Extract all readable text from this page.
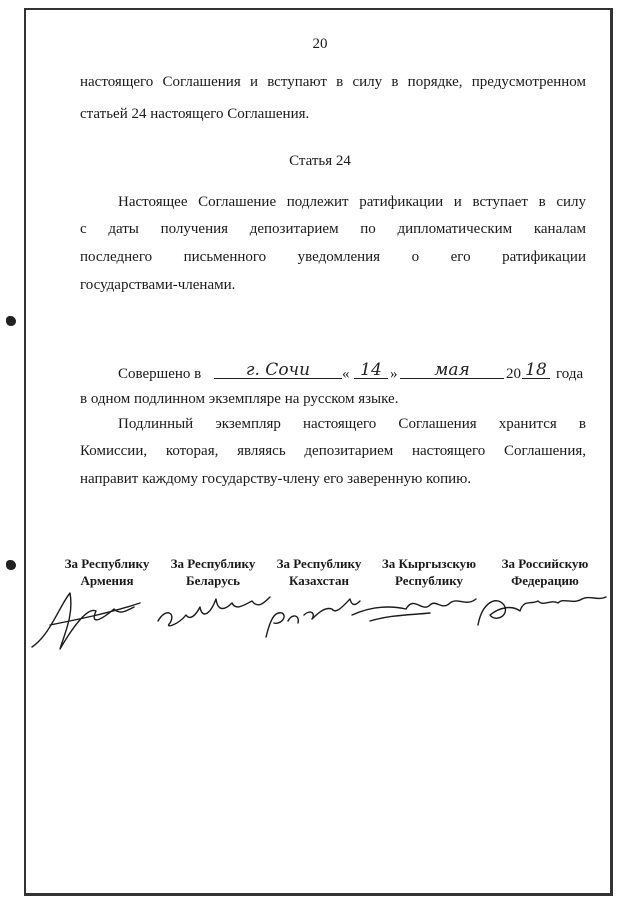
20
настоящего Соглашения и вступают в силу в порядке, предусмотренном
статьей 24 настоящего Соглашения.
Статья 24
Настоящее Соглашение подлежит ратификации и вступает в силу
с даты получения депозитарием по дипломатическим каналам
последнего письменного уведомления о его ратификации
государствами-членами.
Совершено в	г. Сочи	« 14 »	мая	20 18 года
в одном подлинном экземпляре на русском языке.
Подлинный экземпляр настоящего Соглашения хранится в
Комиссии, которая, являясь депозитарием настоящего Соглашения,
направит каждому государству-члену его заверенную копию.
За Республику
Армения
За Республику
Беларусь
За Республику
Казахстан
За Кыргызскую
Республику
За Российскую
Федерацию
